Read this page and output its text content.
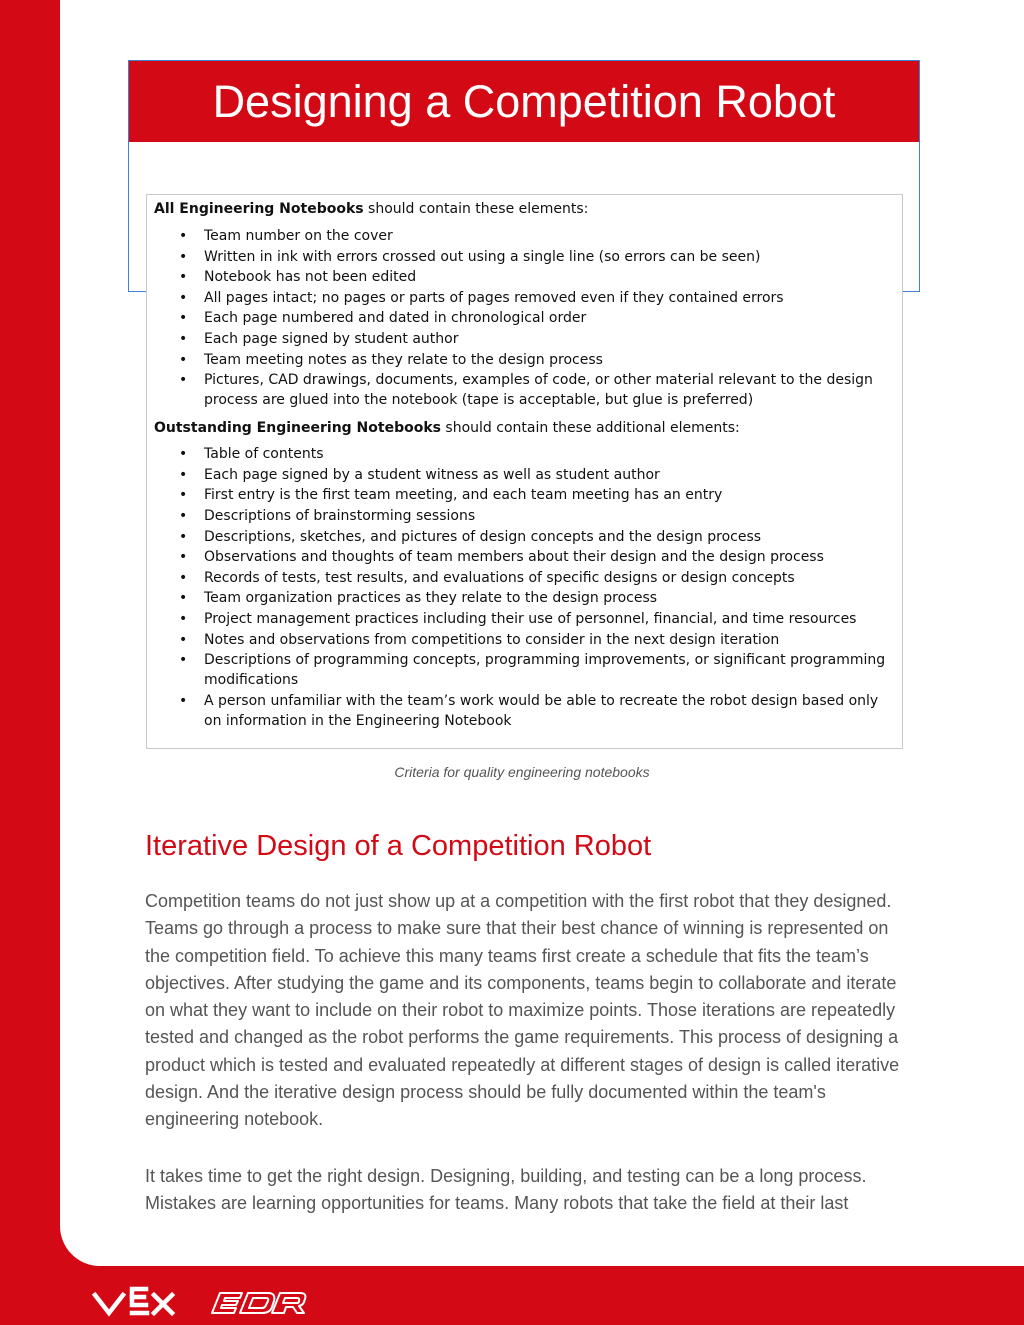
Designing a Competition Robot

All Engineering Notebooks should contain these elements:

• Team number on the cover
• Written in ink with errors crossed out using a single line (so errors can be seen)
• Notebook has not been edited
• All pages intact; no pages or parts of pages removed even if they contained errors
• Each page numbered and dated in chronological order
• Each page signed by student author
• Team meeting notes as they relate to the design process
• Pictures, CAD drawings, documents, examples of code, or other material relevant to the design process are glued into the notebook (tape is acceptable, but glue is preferred)

Outstanding Engineering Notebooks should contain these additional elements:

• Table of contents
• Each page signed by a student witness as well as student author
• First entry is the first team meeting, and each team meeting has an entry
• Descriptions of brainstorming sessions
• Descriptions, sketches, and pictures of design concepts and the design process
• Observations and thoughts of team members about their design and the design process
• Records of tests, test results, and evaluations of specific designs or design concepts
• Team organization practices as they relate to the design process
• Project management practices including their use of personnel, financial, and time resources
• Notes and observations from competitions to consider in the next design iteration
• Descriptions of programming concepts, programming improvements, or significant programming modifications
• A person unfamiliar with the team’s work would be able to recreate the robot design based only on information in the Engineering Notebook
Criteria for quality engineering notebooks
Iterative Design of a Competition Robot

Competition teams do not just show up at a competition with the first robot that they designed. Teams go through a process to make sure that their best chance of winning is represented on the competition field. To achieve this many teams first create a schedule that fits the team’s objectives. After studying the game and its components, teams begin to collaborate and iterate on what they want to include on their robot to maximize points. Those iterations are repeatedly tested and changed as the robot performs the game requirements. This process of designing a product which is tested and evaluated repeatedly at different stages of design is called iterative design. And the iterative design process should be fully documented within the team's engineering notebook.

It takes time to get the right design. Designing, building, and testing can be a long process. Mistakes are learning opportunities for teams. Many robots that take the field at their last
